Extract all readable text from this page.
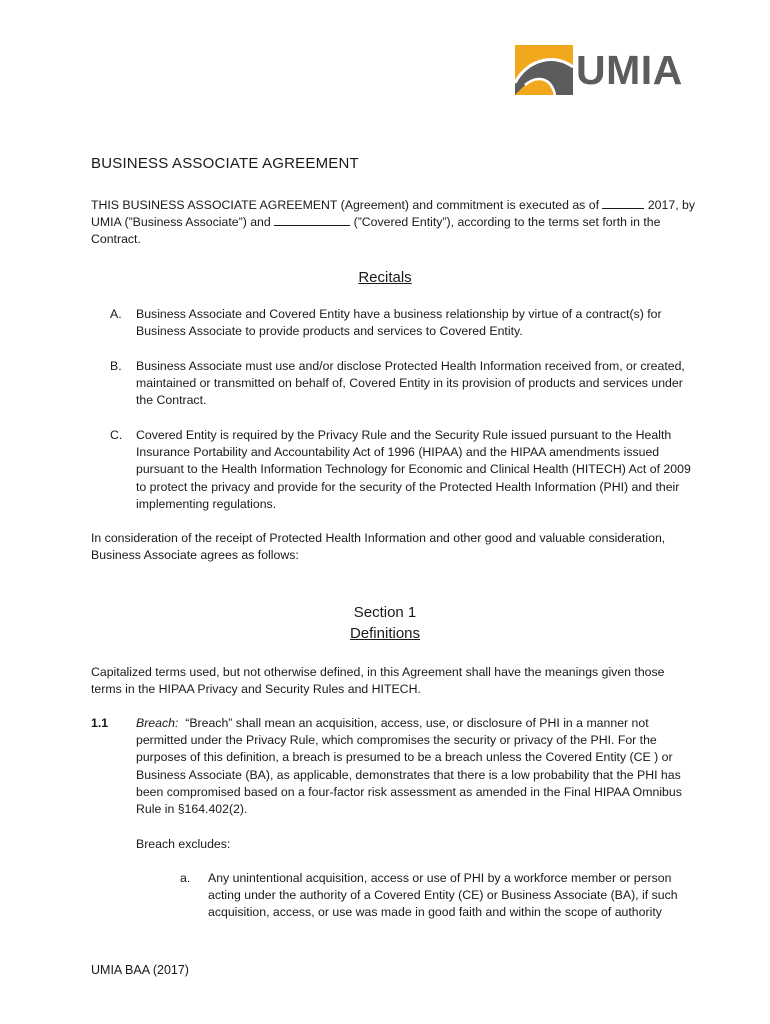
UMIA
BUSINESS ASSOCIATE AGREEMENT
THIS BUSINESS ASSOCIATE AGREEMENT (Agreement) and commitment is executed as of	2017, by
UMIA (”Business Associate”) and	(”Covered Entity”), according to the terms set forth in the
Contract.
Recitals
A. Business Associate and Covered Entity have a business relationship by virtue of a contract(s) for Business Associate to provide products and services to Covered Entity.
B. Business Associate must use and/or disclose Protected Health Information received from, or created, maintained or transmitted on behalf of, Covered Entity in its provision of products and services under the Contract.
C. Covered Entity is required by the Privacy Rule and the Security Rule issued pursuant to the Health Insurance Portability and Accountability Act of 1996 (HIPAA) and the HIPAA amendments issued pursuant to the Health Information Technology for Economic and Clinical Health (HITECH) Act of 2009 to protect the privacy and provide for the security of the Protected Health Information (PHI) and their implementing regulations.
In consideration of the receipt of Protected Health Information and other good and valuable consideration, Business Associate agrees as follows:
Section 1
Definitions
Capitalized terms used, but not otherwise defined, in this Agreement shall have the meanings given those terms in the HIPAA Privacy and Security Rules and HITECH.
1.1 Breach: “Breach” shall mean an acquisition, access, use, or disclosure of PHI in a manner not permitted under the Privacy Rule, which compromises the security or privacy of the PHI. For the purposes of this definition, a breach is presumed to be a breach unless the Covered Entity (CE ) or Business Associate (BA), as applicable, demonstrates that there is a low probability that the PHI has been compromised based on a four-factor risk assessment as amended in the Final HIPAA Omnibus Rule in §164.402(2).
Breach excludes:
a. Any unintentional acquisition, access or use of PHI by a workforce member or person acting under the authority of a Covered Entity (CE) or Business Associate (BA), if such acquisition, access, or use was made in good faith and within the scope of authority
UMIA BAA (2017)
